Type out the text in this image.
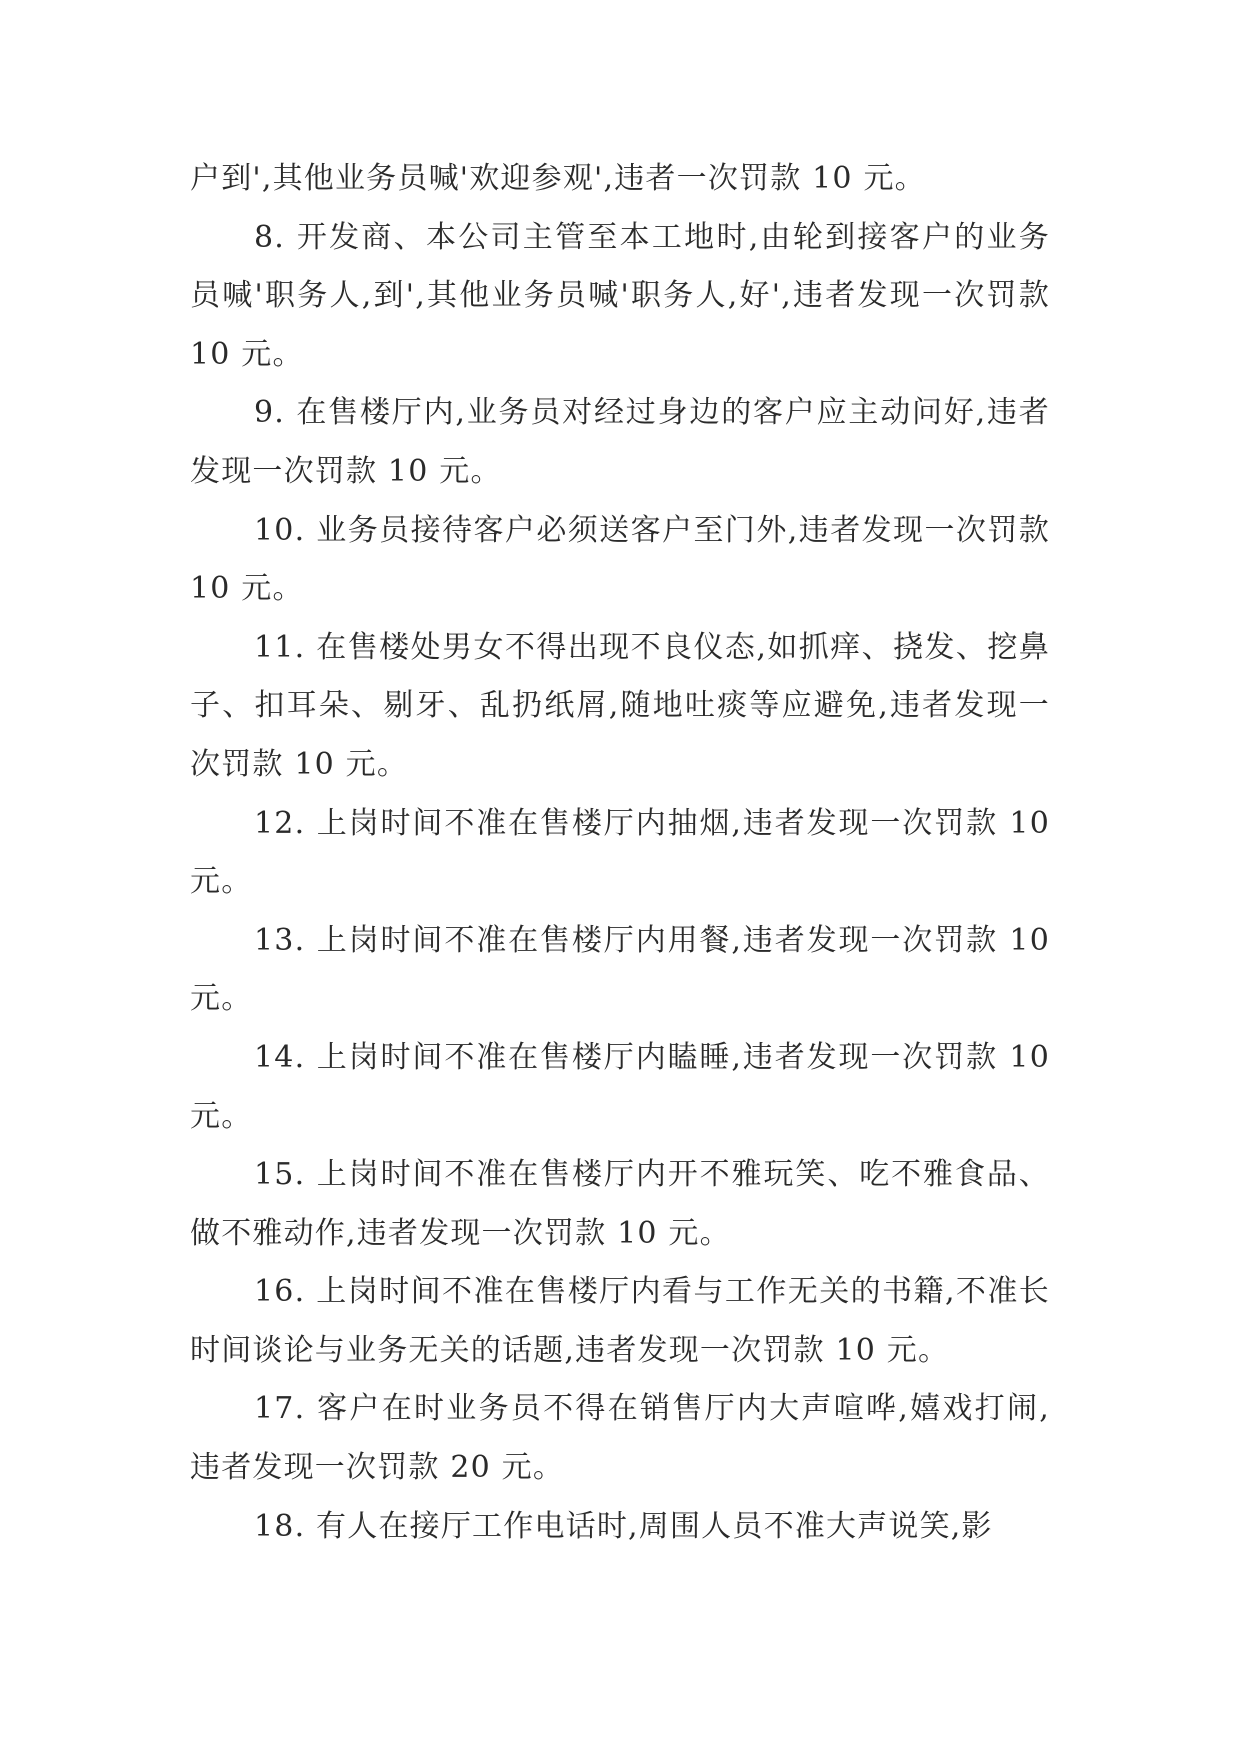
户到',其他业务员喊'欢迎参观',违者一次罚款 10 元。

8. 开发商、本公司主管至本工地时,由轮到接客户的业务员喊'职务人,到',其他业务员喊'职务人,好',违者发现一次罚款 10 元。

9. 在售楼厅内,业务员对经过身边的客户应主动问好,违者发现一次罚款 10 元。

10. 业务员接待客户必须送客户至门外,违者发现一次罚款 10 元。

11. 在售楼处男女不得出现不良仪态,如抓痒、挠发、挖鼻子、扣耳朵、剔牙、乱扔纸屑,随地吐痰等应避免,违者发现一次罚款 10 元。

12. 上岗时间不准在售楼厅内抽烟,违者发现一次罚款 10 元。

13. 上岗时间不准在售楼厅内用餐,违者发现一次罚款 10 元。

14. 上岗时间不准在售楼厅内瞌睡,违者发现一次罚款 10 元。

15. 上岗时间不准在售楼厅内开不雅玩笑、吃不雅食品、做不雅动作,违者发现一次罚款 10 元。

16. 上岗时间不准在售楼厅内看与工作无关的书籍,不准长时间谈论与业务无关的话题,违者发现一次罚款 10 元。

17. 客户在时业务员不得在销售厅内大声喧哗,嬉戏打闹,违者发现一次罚款 20 元。

18. 有人在接厅工作电话时,周围人员不准大声说笑,影
